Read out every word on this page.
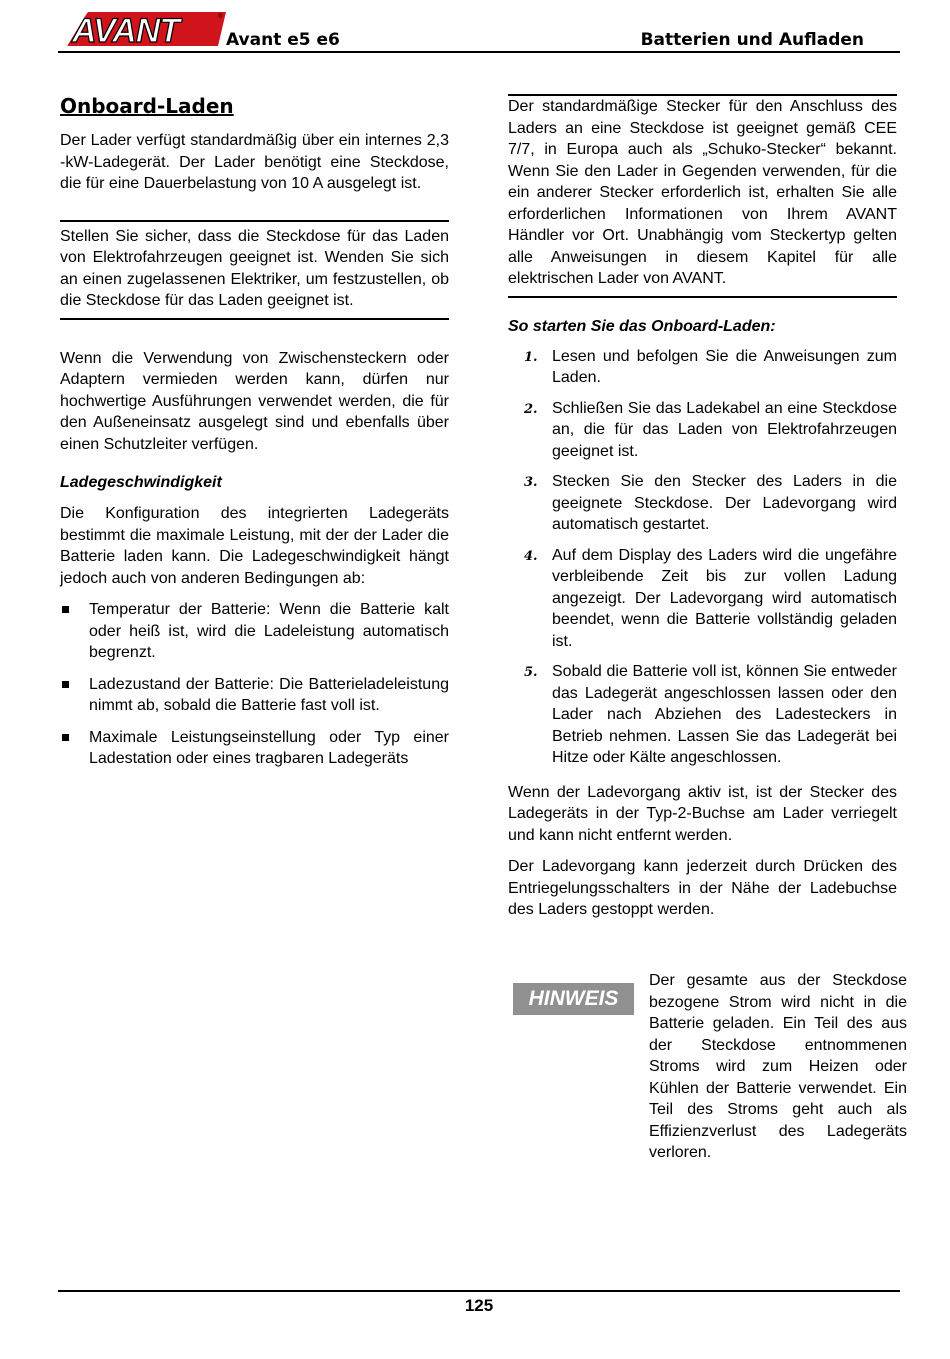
AVANT	®
Avant e5 e6	Batterien und Aufladen
Onboard-Laden

Der Lader verfügt standardmäßig über ein internes 2,3 -kW-Ladegerät. Der Lader benötigt eine Steckdose, die für eine Dauerbelastung von 10 A ausgelegt ist.

Stellen Sie sicher, dass die Steckdose für das Laden von Elektrofahrzeugen geeignet ist. Wenden Sie sich an einen zugelassenen Elektriker, um festzustellen, ob die Steckdose für das Laden geeignet ist.

Wenn die Verwendung von Zwischensteckern oder Adaptern vermieden werden kann, dürfen nur hochwertige Ausführungen verwendet werden, die für den Außeneinsatz ausgelegt sind und ebenfalls über einen Schutzleiter verfügen.

Ladegeschwindigkeit

Die Konfiguration des integrierten Ladegeräts bestimmt die maximale Leistung, mit der der Lader die Batterie laden kann. Die Ladegeschwindigkeit hängt jedoch auch von anderen Bedingungen ab:

Temperatur der Batterie: Wenn die Batterie kalt oder heiß ist, wird die Ladeleistung automatisch begrenzt.
Ladezustand der Batterie: Die Batterieladeleistung nimmt ab, sobald die Batterie fast voll ist.
Maximale Leistungseinstellung oder Typ einer Ladestation oder eines tragbaren Ladegeräts

Der standardmäßige Stecker für den Anschluss des Laders an eine Steckdose ist geeignet gemäß CEE 7/7, in Europa auch als „Schuko-Stecker“ bekannt. Wenn Sie den Lader in Gegenden verwenden, für die ein anderer Stecker erforderlich ist, erhalten Sie alle erforderlichen Informationen von Ihrem AVANT Händler vor Ort. Unabhängig vom Steckertyp gelten alle Anweisungen in diesem Kapitel für alle elektrischen Lader von AVANT.

So starten Sie das Onboard-Laden:

1. Lesen und befolgen Sie die Anweisungen zum Laden.
2. Schließen Sie das Ladekabel an eine Steckdose an, die für das Laden von Elektrofahrzeugen geeignet ist.
3. Stecken Sie den Stecker des Laders in die geeignete Steckdose. Der Ladevorgang wird automatisch gestartet.
4. Auf dem Display des Laders wird die ungefähre verbleibende Zeit bis zur vollen Ladung angezeigt. Der Ladevorgang wird automatisch beendet, wenn die Batterie vollständig geladen ist.
5. Sobald die Batterie voll ist, können Sie entweder das Ladegerät angeschlossen lassen oder den Lader nach Abziehen des Ladesteckers in Betrieb nehmen. Lassen Sie das Ladegerät bei Hitze oder Kälte angeschlossen.

Wenn der Ladevorgang aktiv ist, ist der Stecker des Ladegeräts in der Typ-2-Buchse am Lader verriegelt und kann nicht entfernt werden.

Der Ladevorgang kann jederzeit durch Drücken des Entriegelungsschalters in der Nähe der Ladebuchse des Laders gestoppt werden.

HINWEIS

Der gesamte aus der Steckdose bezogene Strom wird nicht in die Batterie geladen. Ein Teil des aus der Steckdose entnommenen Stroms wird zum Heizen oder Kühlen der Batterie verwendet. Ein Teil des Stroms geht auch als Effizienzverlust des Ladegeräts verloren.

125
